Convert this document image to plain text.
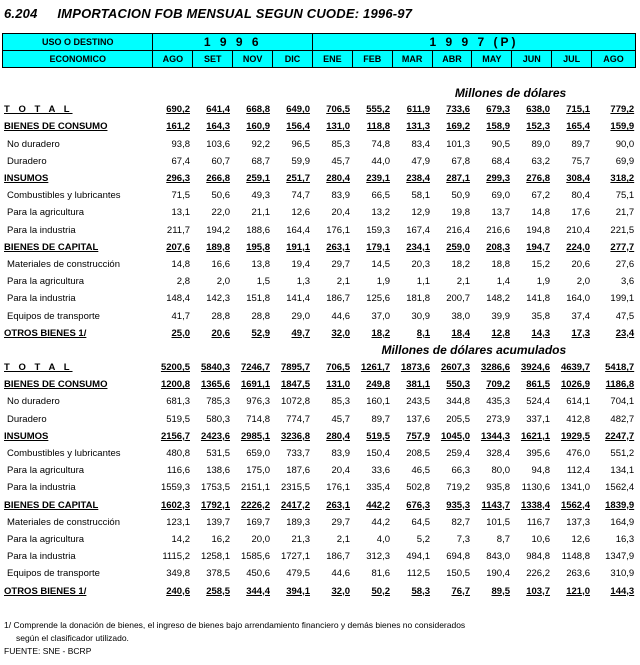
6.204 IMPORTACION FOB MENSUAL SEGUN CUODE: 1996-97
USO O DESTINO	1 9 9 6				1 9 9 7 (P)							
ECONOMICO	AGO	SET	NOV	DIC	ENE	FEB	MAR	ABR	MAY	JUN	JUL	AGO
Millones de dólares												
T O T A L	690,2	641,4	668,8	649,0	706,5	555,2	611,9	733,6	679,3	638,0	715,1	779,2
BIENES DE CONSUMO	161,2	164,3	160,9	156,4	131,0	118,8	131,3	169,2	158,9	152,3	165,4	159,9
No duradero	93,8	103,6	92,2	96,5	85,3	74,8	83,4	101,3	90,5	89,0	89,7	90,0
Duradero	67,4	60,7	68,7	59,9	45,7	44,0	47,9	67,8	68,4	63,2	75,7	69,9
INSUMOS	296,3	266,8	259,1	251,7	280,4	239,1	238,4	287,1	299,3	276,8	308,4	318,2
Combustibles y lubricantes	71,5	50,6	49,3	74,7	83,9	66,5	58,1	50,9	69,0	67,2	80,4	75,1
Para la agricultura	13,1	22,0	21,1	12,6	20,4	13,2	12,9	19,8	13,7	14,8	17,6	21,7
Para la industria	211,7	194,2	188,6	164,4	176,1	159,3	167,4	216,4	216,6	194,8	210,4	221,5
BIENES DE CAPITAL	207,6	189,8	195,8	191,1	263,1	179,1	234,1	259,0	208,3	194,7	224,0	277,7
Materiales de construcción	14,8	16,6	13,8	19,4	29,7	14,5	20,3	18,2	18,8	15,2	20,6	27,6
Para la agricultura	2,8	2,0	1,5	1,3	2,1	1,9	1,1	2,1	1,4	1,9	2,0	3,6
Para la industria	148,4	142,3	151,8	141,4	186,7	125,6	181,8	200,7	148,2	141,8	164,0	199,1
Equipos de transporte	41,7	28,8	28,8	29,0	44,6	37,0	30,9	38,0	39,9	35,8	37,4	47,5
OTROS BIENES 1/	25,0	20,6	52,9	49,7	32,0	18,2	8,1	18,4	12,8	14,3	17,3	23,4
Millones de dólares acumulados												
T O T A L	5200,5	5840,3	7246,7	7895,7	706,5	1261,7	1873,6	2607,3	3286,6	3924,6	4639,7	5418,7
BIENES DE CONSUMO	1200,8	1365,6	1691,1	1847,5	131,0	249,8	381,1	550,3	709,2	861,5	1026,9	1186,8
No duradero	681,3	785,3	976,3	1072,8	85,3	160,1	243,5	344,8	435,3	524,4	614,1	704,1
Duradero	519,5	580,3	714,8	774,7	45,7	89,7	137,6	205,5	273,9	337,1	412,8	482,7
INSUMOS	2156,7	2423,6	2985,1	3236,8	280,4	519,5	757,9	1045,0	1344,3	1621,1	1929,5	2247,7
Combustibles y lubricantes	480,8	531,5	659,0	733,7	83,9	150,4	208,5	259,4	328,4	395,6	476,0	551,2
Para la agricultura	116,6	138,6	175,0	187,6	20,4	33,6	46,5	66,3	80,0	94,8	112,4	134,1
Para la industria	1559,3	1753,5	2151,1	2315,5	176,1	335,4	502,8	719,2	935,8	1130,6	1341,0	1562,4
BIENES DE CAPITAL	1602,3	1792,1	2226,2	2417,2	263,1	442,2	676,3	935,3	1143,7	1338,4	1562,4	1839,9
Materiales de construcción	123,1	139,7	169,7	189,3	29,7	44,2	64,5	82,7	101,5	116,7	137,3	164,9
Para la agricultura	14,2	16,2	20,0	21,3	2,1	4,0	5,2	7,3	8,7	10,6	12,6	16,3
Para la industria	1115,2	1258,1	1585,6	1727,1	186,7	312,3	494,1	694,8	843,0	984,8	1148,8	1347,9
Equipos de transporte	349,8	378,5	450,6	479,5	44,6	81,6	112,5	150,5	190,4	226,2	263,6	310,9
OTROS BIENES 1/	240,6	258,5	344,4	394,1	32,0	50,2	58,3	76,7	89,5	103,7	121,0	144,3
1/ Comprende la donación de bienes, el ingreso de bienes bajo arrendamiento financiero y demás bienes no considerados
según el clasificador utilizado.
FUENTE: SNE - BCRP
